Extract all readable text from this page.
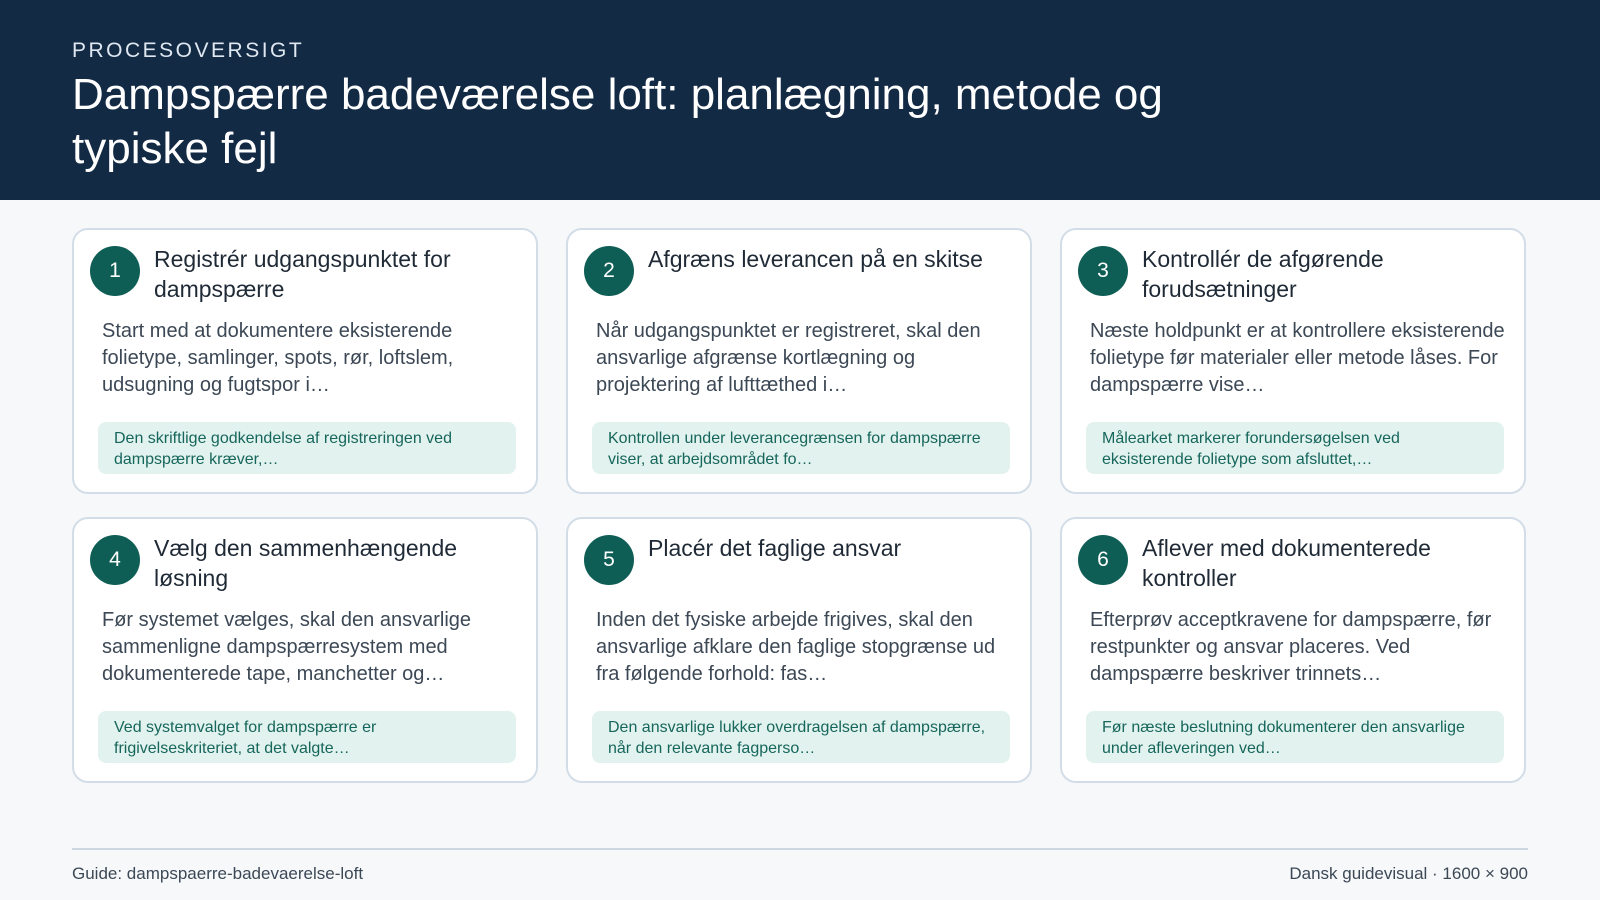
PROCESOVERSIGT
Dampspærre badeværelse loft: planlægning, metode og typiske fejl
1	Registrér udgangspunktet for dampspærre
Start med at dokumentere eksisterende folietype, samlinger, spots, rør, loftslem, udsugning og fugtspor i…
Den skriftlige godkendelse af registreringen ved dampspærre kræver,…
2	Afgræns leverancen på en skitse
Når udgangspunktet er registreret, skal den ansvarlige afgrænse kortlægning og projektering af lufttæthed i…
Kontrollen under leverancegrænsen for dampspærre viser, at arbejdsområdet fo…
3	Kontrollér de afgørende forudsætninger
Næste holdpunkt er at kontrollere eksisterende folietype før materialer eller metode låses. For dampspærre vise…
Målearket markerer forundersøgelsen ved eksisterende folietype som afsluttet,…
4	Vælg den sammenhængende løsning
Før systemet vælges, skal den ansvarlige sammenligne dampspærresystem med dokumenterede tape, manchetter og…
Ved systemvalget for dampspærre er frigivelseskriteriet, at det valgte…
5	Placér det faglige ansvar
Inden det fysiske arbejde frigives, skal den ansvarlige afklare den faglige stopgrænse ud fra følgende forhold: fas…
Den ansvarlige lukker overdragelsen af dampspærre, når den relevante fagperso…
6	Aflever med dokumenterede kontroller
Efterprøv acceptkravene for dampspærre, før restpunkter og ansvar placeres. Ved dampspærre beskriver trinnets…
Før næste beslutning dokumenterer den ansvarlige under afleveringen ved…
Guide: dampspaerre-badevaerelse-loft	Dansk guidevisual · 1600 × 900
